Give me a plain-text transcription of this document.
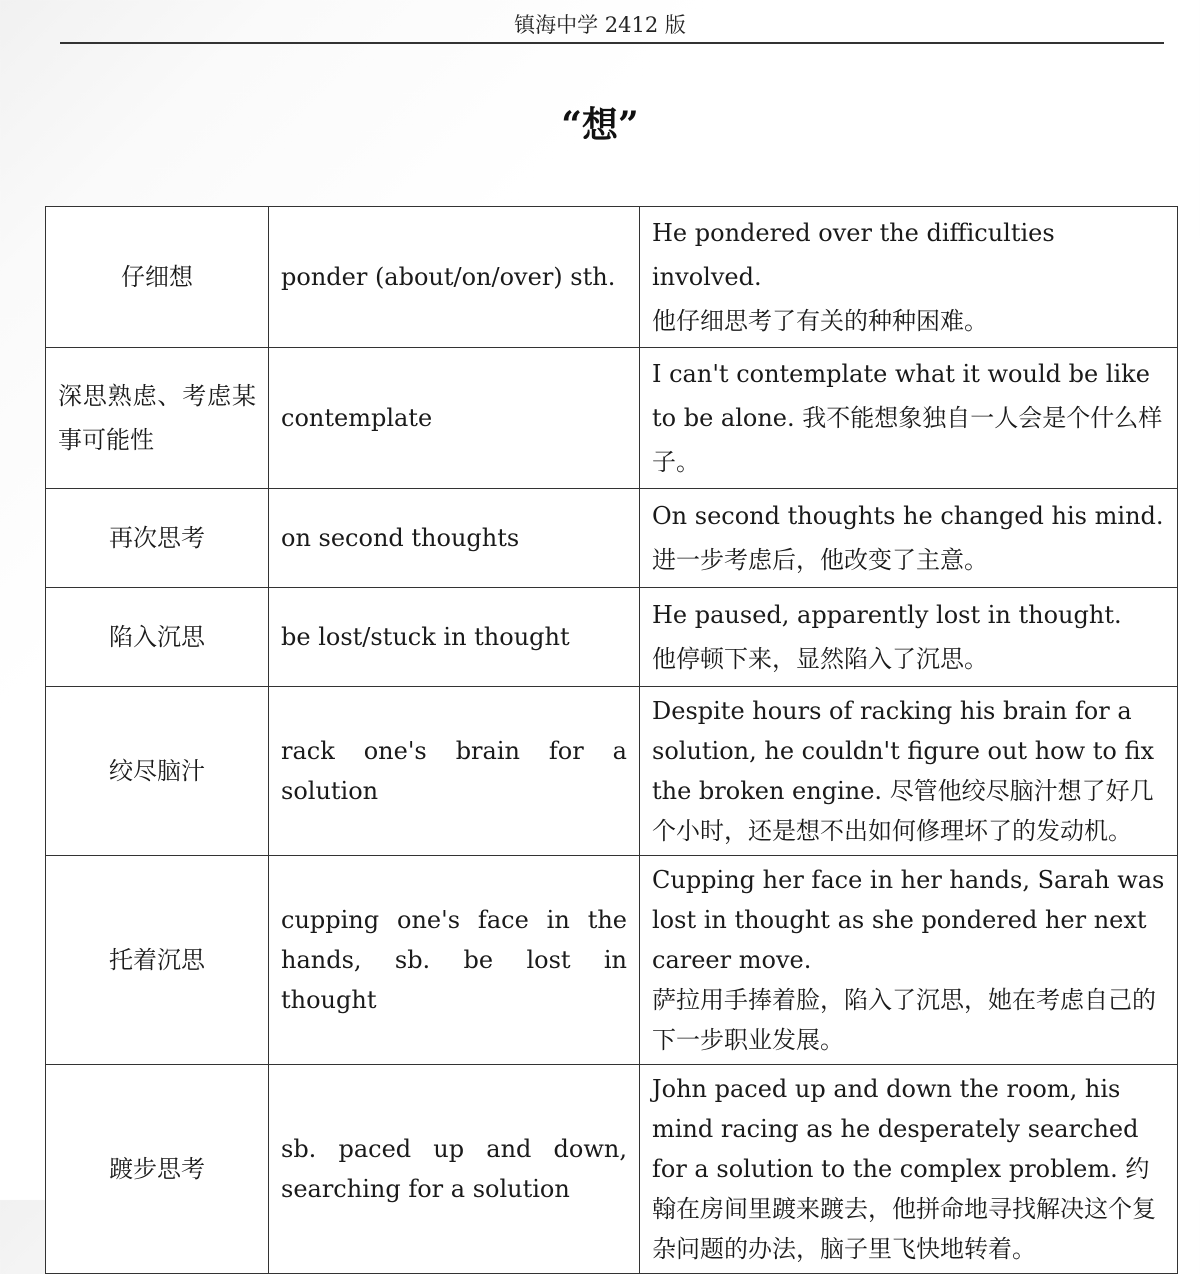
镇海中学 2412 版
“想”
仔细想	ponder (about/on/over) sth.	He pondered over the difficulties involved.
他仔细思考了有关的种种困难。

深思熟虑、考虑某事可能性	contemplate	I can't contemplate what it would be like to be alone. 我不能想象独自一人会是个什么样子。
再次思考	on second thoughts	On second thoughts he changed his mind.
进一步考虑后，他改变了主意。

陷入沉思	be lost/stuck in thought	He paused, apparently lost in thought.
他停顿下来，显然陷入了沉思。

绞尽脑汁	rack one's brain for a solution	Despite hours of racking his brain for a solution, he couldn't figure out how to fix the broken engine. 尽管他绞尽脑汁想了好几个小时，还是想不出如何修理坏了的发动机。
托着沉思	cupping one's face in the hands, sb. be lost in thought	Cupping her face in her hands, Sarah was lost in thought as she pondered her next career move.
萨拉用手捧着脸，陷入了沉思，她在考虑自己的下一步职业发展。

踱步思考	sb. paced up and down, searching for a solution	John paced up and down the room, his mind racing as he desperately searched for a solution to the complex problem. 约翰在房间里踱来踱去，他拼命地寻找解决这个复杂问题的办法，脑子里飞快地转着。
